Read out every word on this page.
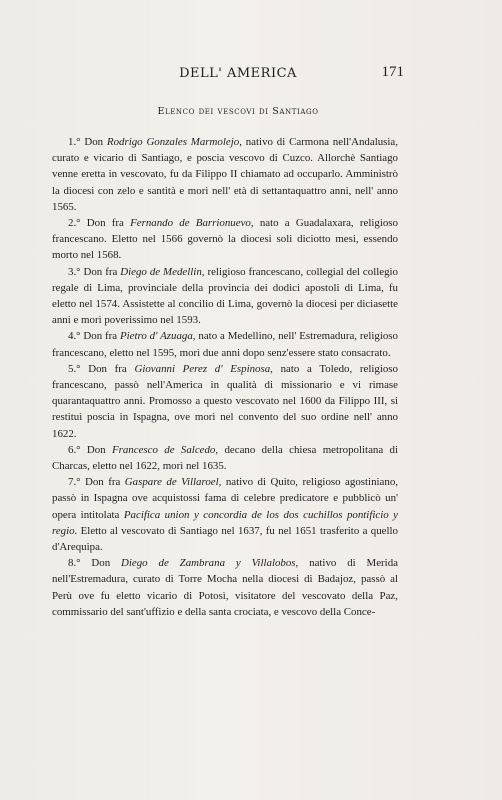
DELL' AMERICA	171
Elenco dei vescovi di Santiago

1.° Don Rodrigo Gonzales Marmolejo, nativo di Carmona nell'Andalusia, curato e vicario di Santiago, e poscia vescovo di Cuzco. Allorchè Santiago venne eretta in vescovato, fu da Filippo II chiamato ad occuparlo. Amministrò la diocesi con zelo e santità e morì nell' età di settantaquattro anni, nell' anno 1565.

2.° Don fra Fernando de Barrionuevo, nato a Guadalaxara, religioso francescano. Eletto nel 1566 governò la diocesi soli diciotto mesi, essendo morto nel 1568.

3.° Don fra Diego de Medellin, religioso francescano, collegial del collegio regale di Lima, provinciale della provincia dei dodici apostoli di Lima, fu eletto nel 1574. Assistette al concilio di Lima, governò la diocesi per diciasette anni e morì poverissimo nel 1593.

4.° Don fra Pietro d' Azuaga, nato a Medellino, nell' Estremadura, religioso francescano, eletto nel 1595, morì due anni dopo senz'essere stato consacrato.

5.° Don fra Giovanni Perez d' Espinosa, nato a Toledo, religioso francescano, passò nell'America in qualità di missionario e vi rimase quarantaquattro anni. Promosso a questo vescovato nel 1600 da Filippo III, si restituì poscia in Ispagna, ove morì nel convento del suo ordine nell' anno 1622.

6.° Don Francesco de Salcedo, decano della chiesa metropolitana di Charcas, eletto nel 1622, morì nel 1635.

7.° Don fra Gaspare de Villaroel, nativo di Quito, religioso agostiniano, passò in Ispagna ove acquistossi fama di celebre predicatore e pubblicò un' opera intitolata Pacifica union y concordia de los dos cuchillos pontificio y regio. Eletto al vescovato di Santiago nel 1637, fu nel 1651 trasferito a quello d'Arequipa.

8.° Don Diego de Zambrana y Villalobos, nativo di Merida nell'Estremadura, curato di Torre Mocha nella diocesi di Badajoz, passò al Perù ove fu eletto vicario di Potosì, visitatore del vescovato della Paz, commissario del sant'uffizio e della santa crociata, e vescovo della Conce-
